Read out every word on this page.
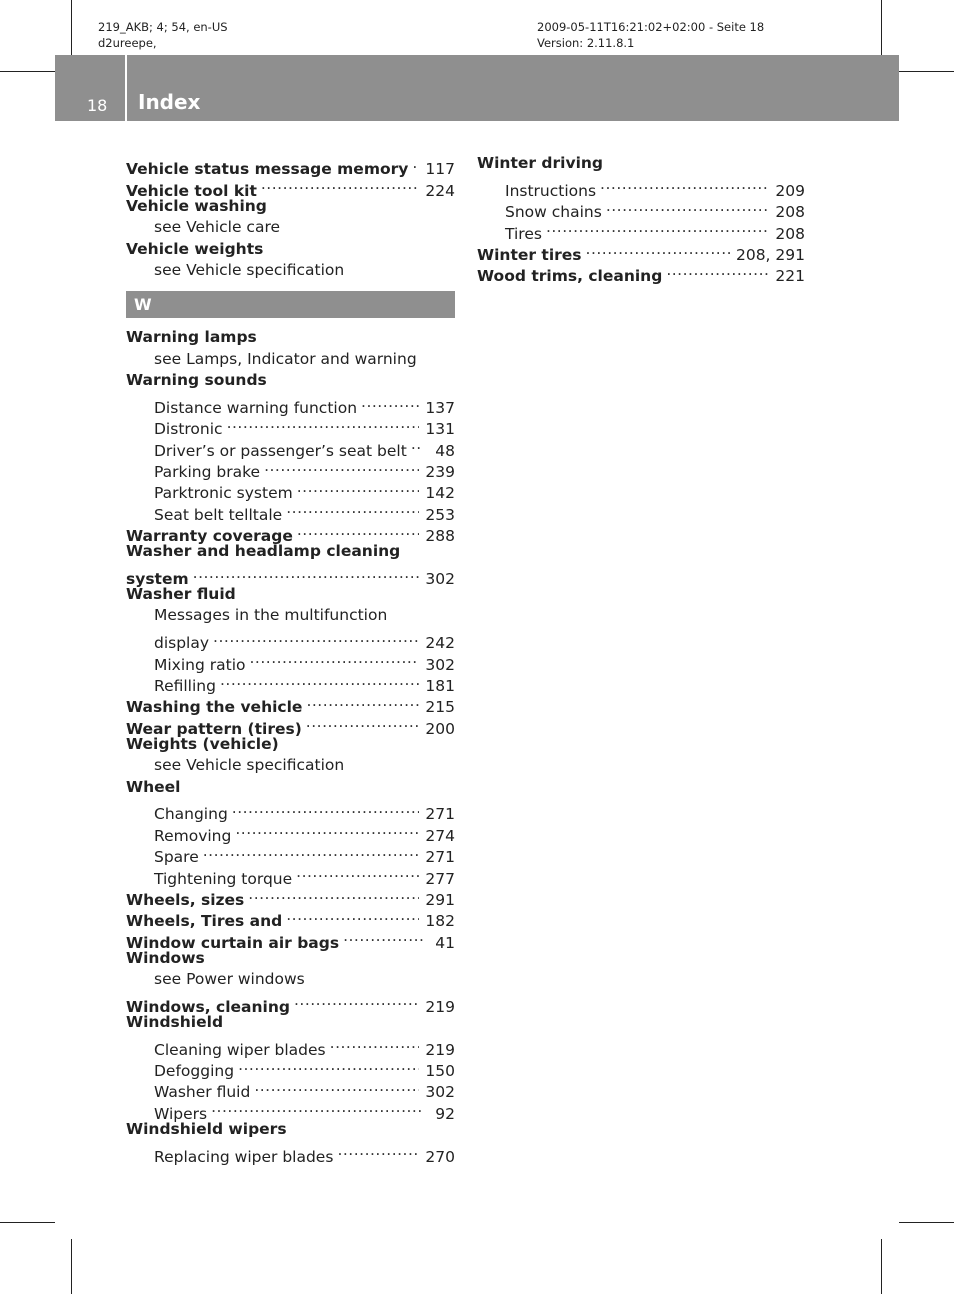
219_AKB; 4; 54, en-US
d2ureepe,
2009-05-11T16:21:02+02:00 - Seite 18
Version: 2.11.8.1
18 Index
Vehicle status message memory ..... 117
Vehicle tool kit .....	224
Vehicle washing
see Vehicle care
Vehicle weights
see Vehicle specification
W
Warning lamps
see Lamps, Indicator and warning
Warning sounds
Distance warning function .....	137
Distronic .....	131
Driver’s or passenger’s seat belt .....	48
Parking brake .....	239
Parktronic system .....	142
Seat belt telltale .....	253
Warranty coverage .....	288
Washer and headlamp cleaning
system .....	302
Washer fluid
Messages in the multifunction
display .....	242
Mixing ratio .....	302
Refilling .....	181
Washing the vehicle .....	215
Wear pattern (tires) .....	200
Weights (vehicle)
see Vehicle specification
Wheel
Changing .....	271
Removing .....	274
Spare .....	271
Tightening torque .....	277
Wheels, sizes .....	291
Wheels, Tires and .....	182
Window curtain air bags .....	41
Windows
see Power windows
Windows, cleaning .....	219
Windshield
Cleaning wiper blades .....	219
Defogging .....	150
Washer fluid .....	302
Wipers .....	92
Windshield wipers
Replacing wiper blades .....	270
Winter driving
Instructions .....	209
Snow chains .....	208
Tires .....	208
Winter tires .....	208, 291
Wood trims, cleaning .....	221
